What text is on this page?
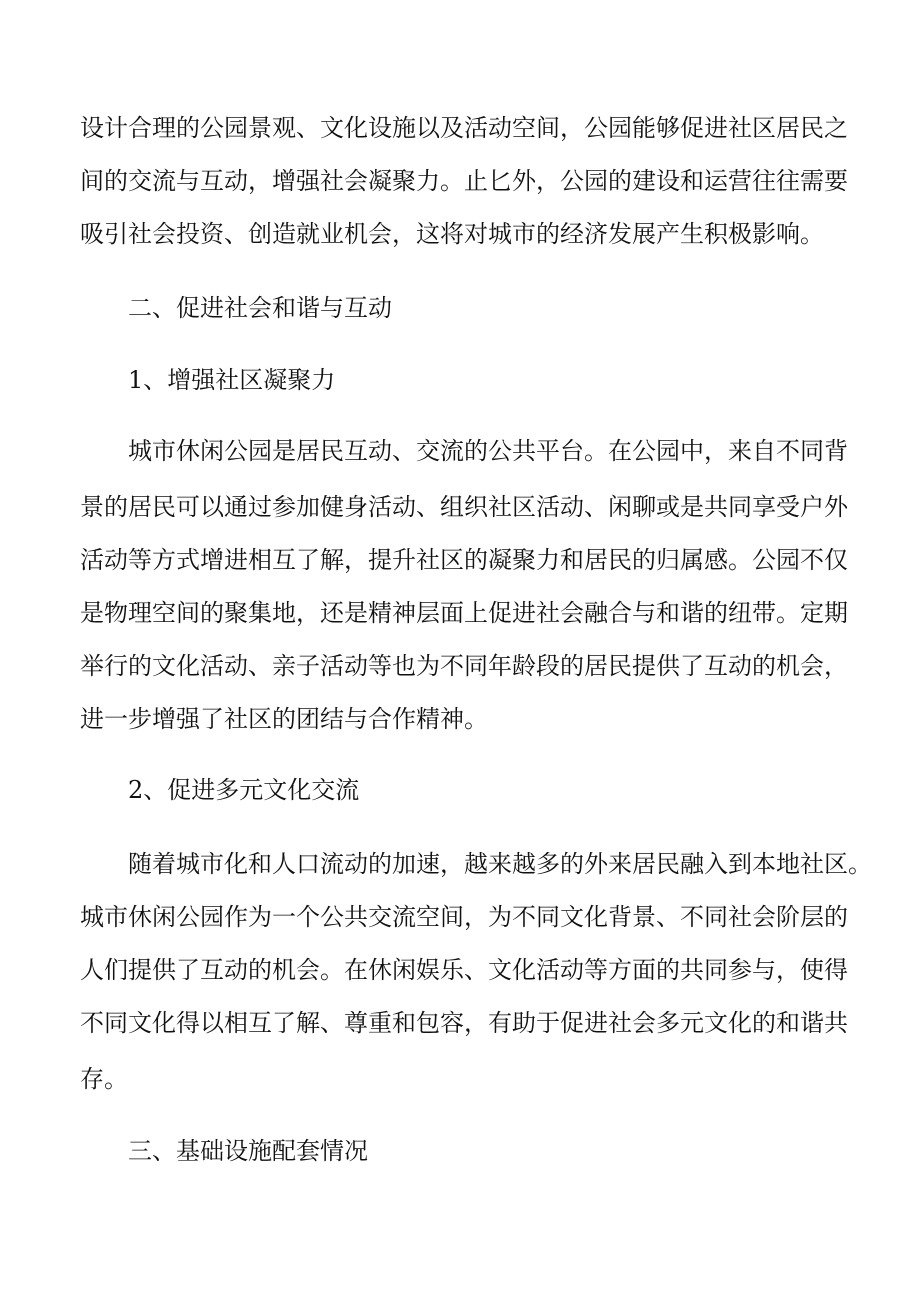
设计合理的公园景观、文化设施以及活动空间，公园能够促进社区居民之
间的交流与互动，增强社会凝聚力。止匕外，公园的建设和运营往往需要
吸引社会投资、创造就业机会，这将对城市的经济发展产生积极影响。
二、促进社会和谐与互动
1、增强社区凝聚力
城市休闲公园是居民互动、交流的公共平台。在公园中，来自不同背
景的居民可以通过参加健身活动、组织社区活动、闲聊或是共同享受户外
活动等方式增进相互了解，提升社区的凝聚力和居民的归属感。公园不仅
是物理空间的聚集地，还是精神层面上促进社会融合与和谐的纽带。定期
举行的文化活动、亲子活动等也为不同年龄段的居民提供了互动的机会，
进一步增强了社区的团结与合作精神。
2、促进多元文化交流
随着城市化和人口流动的加速，越来越多的外来居民融入到本地社区。
城市休闲公园作为一个公共交流空间，为不同文化背景、不同社会阶层的
人们提供了互动的机会。在休闲娱乐、文化活动等方面的共同参与，使得
不同文化得以相互了解、尊重和包容，有助于促进社会多元文化的和谐共
存。
三、基础设施配套情况
